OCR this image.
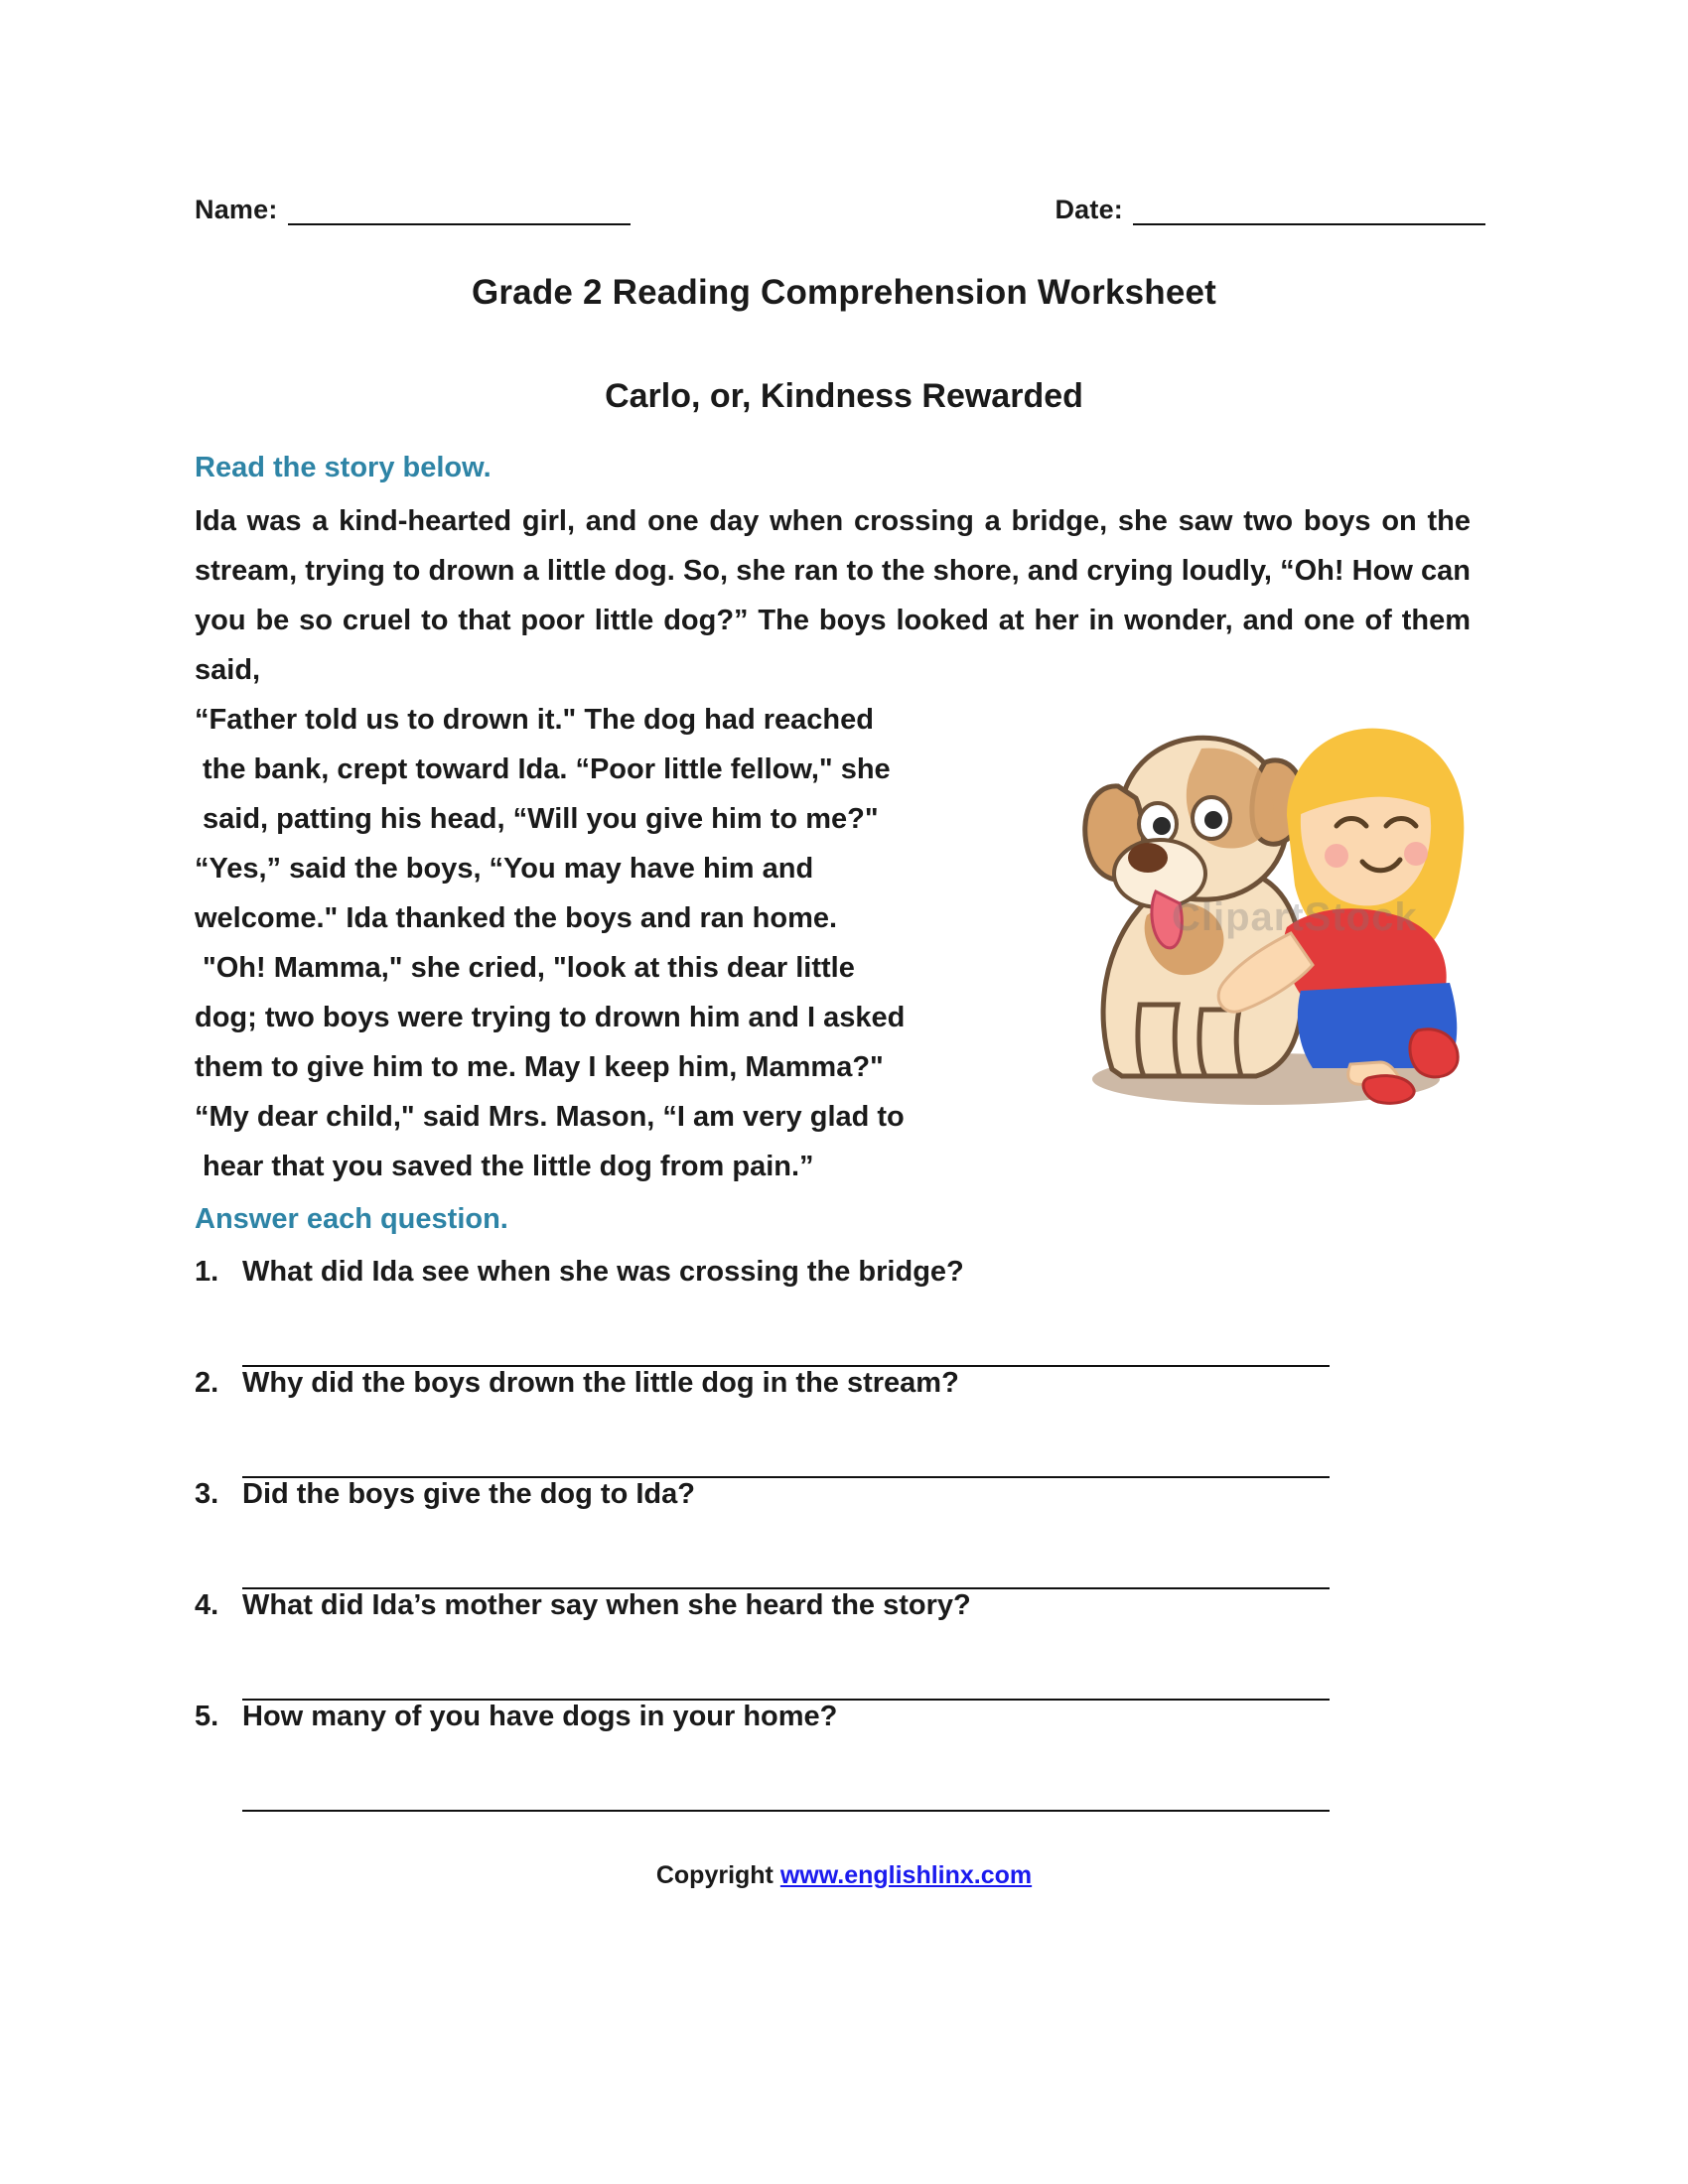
Name:	Date:
Grade 2 Reading Comprehension Worksheet
Carlo, or, Kindness Rewarded
Read the story below.

Ida was a kind-hearted girl, and one day when crossing a bridge, she saw two boys on the stream, trying to drown a little dog. So, she ran to the shore, and crying loudly, “Oh! How can you be so cruel to that poor little dog?” The boys looked at her in wonder, and one of them said,

“Father told us to drown it." The dog had reached

the bank, crept toward Ida. “Poor little fellow," she

said, patting his head, “Will you give him to me?"

“Yes,” said the boys, “You may have him and

welcome." Ida thanked the boys and ran home.

"Oh! Mamma," she cried, "look at this dear little

dog; two boys were trying to drown him and I asked

them to give him to me. May I keep him, Mamma?"

“My dear child," said Mrs. Mason, “I am very glad to

hear that you saved the little dog from pain.”

ClipartStock
Answer each question.
1. What did Ida see when she was crossing the bridge?
2. Why did the boys drown the little dog in the stream?
3. Did the boys give the dog to Ida?
4. What did Ida’s mother say when she heard the story?
5. How many of you have dogs in your home?
Copyright www.englishlinx.com
